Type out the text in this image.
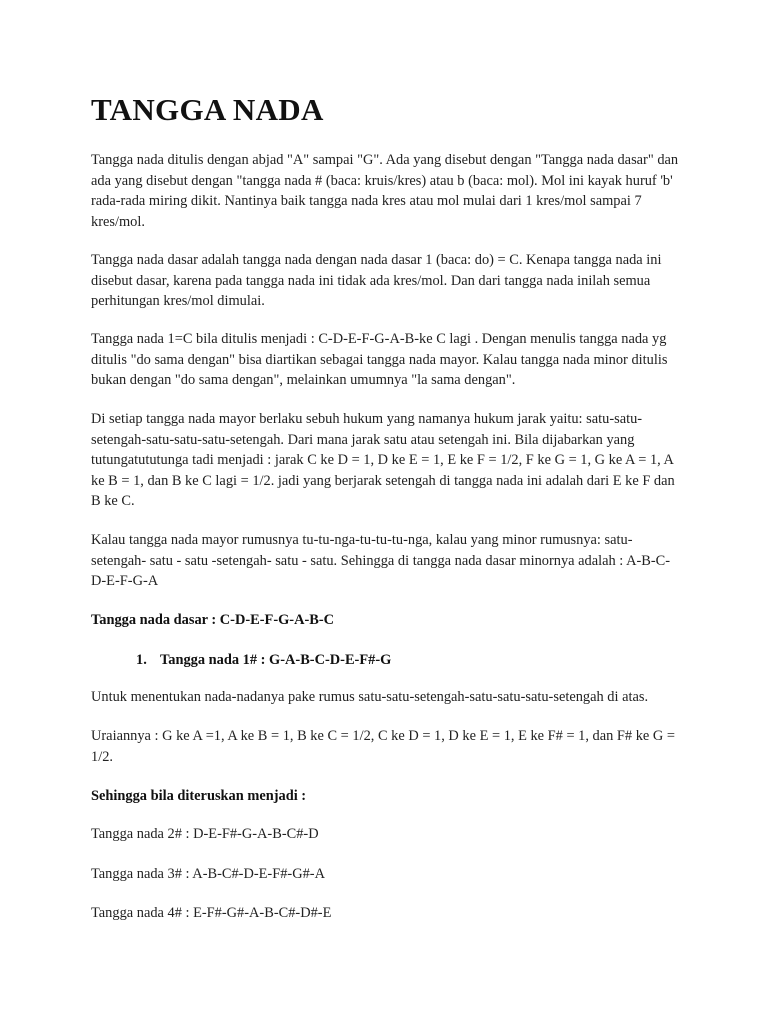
TANGGA NADA

Tangga nada ditulis dengan abjad "A" sampai "G". Ada yang disebut dengan "Tangga nada dasar" dan ada yang disebut dengan "tangga nada # (baca: kruis/kres) atau b (baca: mol). Mol ini kayak huruf 'b' rada-rada miring dikit. Nantinya baik tangga nada kres atau mol mulai dari 1 kres/mol sampai 7 kres/mol.

Tangga nada dasar adalah tangga nada dengan nada dasar 1 (baca: do) = C. Kenapa tangga nada ini disebut dasar, karena pada tangga nada ini tidak ada kres/mol. Dan dari tangga nada inilah semua perhitungan kres/mol dimulai.

Tangga nada 1=C bila ditulis menjadi : C-D-E-F-G-A-B-ke C lagi . Dengan menulis tangga nada yg ditulis "do sama dengan" bisa diartikan sebagai tangga nada mayor. Kalau tangga nada minor ditulis bukan dengan "do sama dengan", melainkan umumnya "la sama dengan".

Di setiap tangga nada mayor berlaku sebuh hukum yang namanya hukum jarak yaitu: satu-satu-setengah-satu-satu-satu-setengah. Dari mana jarak satu atau setengah ini. Bila dijabarkan yang tutungatututunga tadi menjadi : jarak C ke D = 1, D ke E = 1, E ke F = 1/2, F ke G = 1, G ke A = 1, A ke B = 1, dan B ke C lagi = 1/2. jadi yang berjarak setengah di tangga nada ini adalah dari E ke F dan B ke C.

Kalau tangga nada mayor rumusnya tu-tu-nga-tu-tu-tu-nga, kalau yang minor rumusnya: satu-setengah- satu - satu -setengah- satu - satu. Sehingga di tangga nada dasar minornya adalah : A-B-C-D-E-F-G-A

Tangga nada dasar : C-D-E-F-G-A-B-C

1. Tangga nada 1# : G-A-B-C-D-E-F#-G

Untuk menentukan nada-nadanya pake rumus satu-satu-setengah-satu-satu-satu-setengah di atas.

Uraiannya : G ke A =1, A ke B = 1, B ke C = 1/2, C ke D = 1, D ke E = 1, E ke F# = 1, dan F# ke G = 1/2.

Sehingga bila diteruskan menjadi :

Tangga nada 2# : D-E-F#-G-A-B-C#-D

Tangga nada 3# : A-B-C#-D-E-F#-G#-A

Tangga nada 4# : E-F#-G#-A-B-C#-D#-E
